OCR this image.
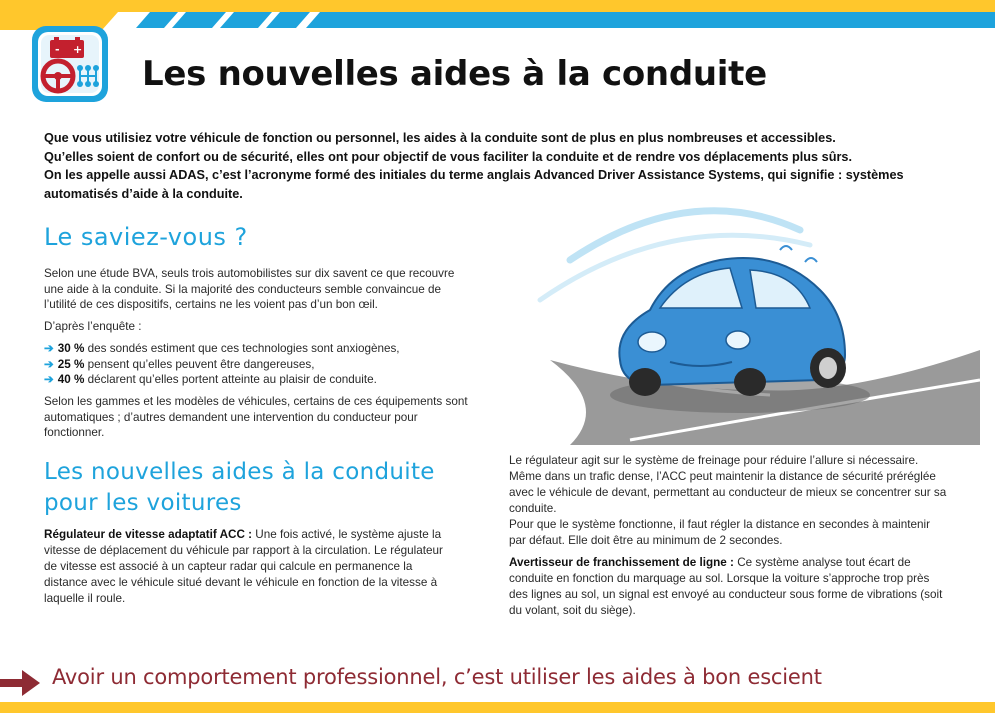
- +
Les nouvelles aides à la conduite

Que vous utilisiez votre véhicule de fonction ou personnel, les aides à la conduite sont de plus en plus nombreuses et accessibles.

Qu’elles soient de confort ou de sécurité, elles ont pour objectif de vous faciliter la conduite et de rendre vos déplacements plus sûrs.

On les appelle aussi ADAS, c’est l’acronyme formé des initiales du terme anglais Advanced Driver Assistance Systems, qui signifie : systèmes automatisés d’aide à la conduite.

Le saviez-vous ?

Selon une étude BVA, seuls trois automobilistes sur dix savent ce que recouvre une aide à la conduite. Si la majorité des conducteurs semble convaincue de l’utilité de ces dispositifs, certains ne les voient pas d’un bon œil.

D’après l’enquête :

➔ 30 % des sondés estiment que ces technologies sont anxiogènes,
➔ 25 % pensent qu’elles peuvent être dangereuses,
➔ 40 % déclarent qu’elles portent atteinte au plaisir de conduite.

Selon les gammes et les modèles de véhicules, certains de ces équipements sont automatiques ; d’autres demandent une intervention du conducteur pour fonctionner.

Les nouvelles aides à la conduite
pour les voitures

Régulateur de vitesse adaptatif ACC : Une fois activé, le système ajuste la vitesse de déplacement du véhicule par rapport à la circulation. Le régulateur de vitesse est associé à un capteur radar qui calcule en permanence la distance avec le véhicule situé devant le véhicule en fonction de la vitesse à laquelle il roule.

Le régulateur agit sur le système de freinage pour réduire l’allure si nécessaire. Même dans un trafic dense, l’ACC peut maintenir la distance de sécurité préréglée avec le véhicule de devant, permettant au conducteur de mieux se concentrer sur sa conduite.

Pour que le système fonctionne, il faut régler la distance en secondes à maintenir par défaut. Elle doit être au minimum de 2 secondes.

Avertisseur de franchissement de ligne : Ce système analyse tout écart de conduite en fonction du marquage au sol. Lorsque la voiture s’approche trop près des lignes au sol, un signal est envoyé au conducteur sous forme de vibrations (soit du volant, soit du siège).

Avoir un comportement professionnel, c’est utiliser les aides à bon escient
